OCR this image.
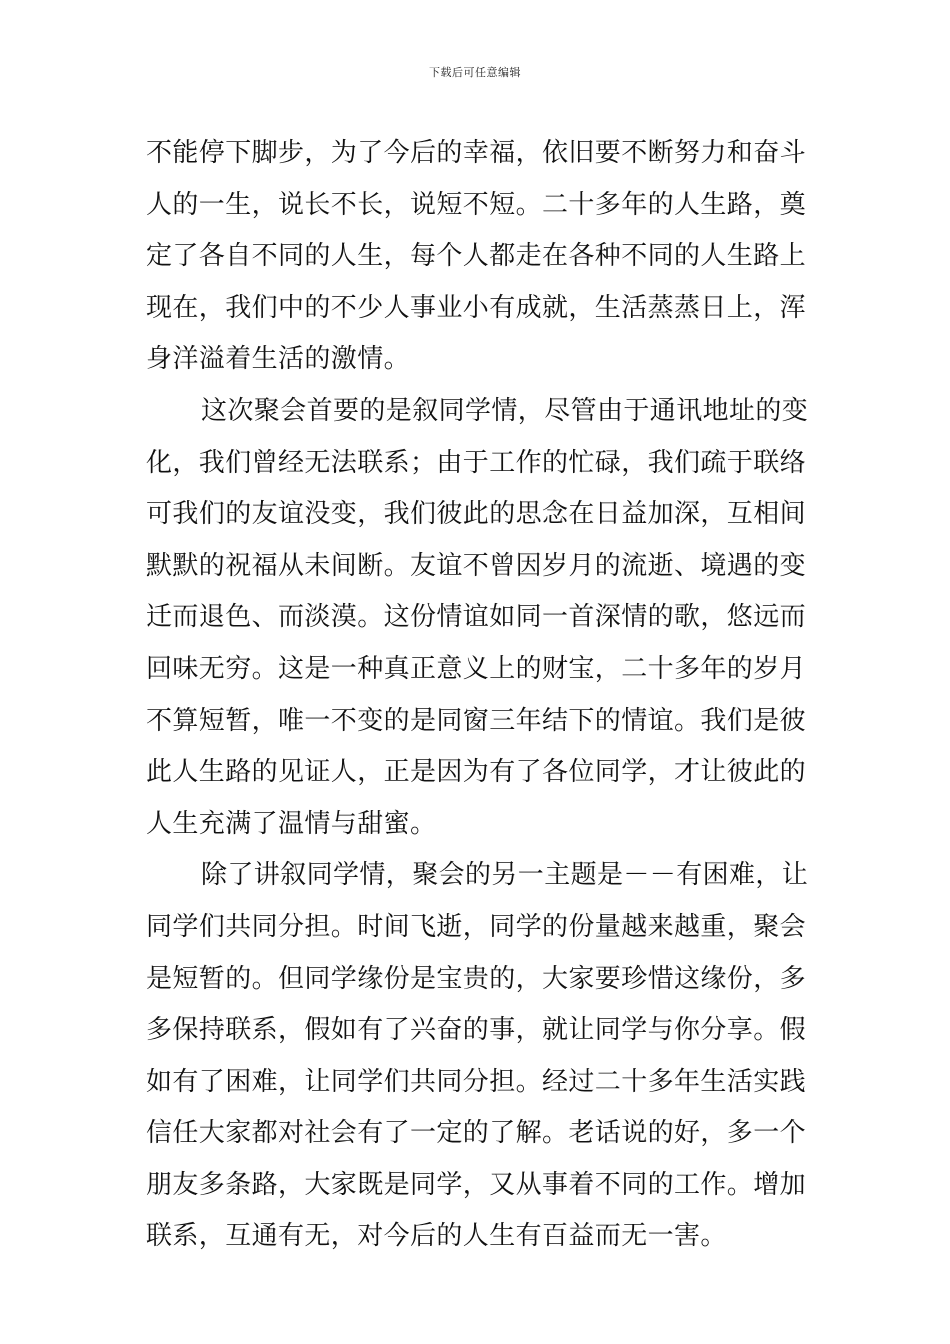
下载后可任意编辑
不能停下脚步，为了今后的幸福，依旧要不断努力和奋斗
人的一生，说长不长，说短不短。二十多年的人生路，奠
定了各自不同的人生，每个人都走在各种不同的人生路上
现在，我们中的不少人事业小有成就，生活蒸蒸日上，浑
身洋溢着生活的激情。
这次聚会首要的是叙同学情，尽管由于通讯地址的变
化，我们曾经无法联系；由于工作的忙碌，我们疏于联络
可我们的友谊没变，我们彼此的思念在日益加深，互相间
默默的祝福从未间断。友谊不曾因岁月的流逝、境遇的变
迁而退色、而淡漠。这份情谊如同一首深情的歌，悠远而
回味无穷。这是一种真正意义上的财宝，二十多年的岁月
不算短暂，唯一不变的是同窗三年结下的情谊。我们是彼
此人生路的见证人，正是因为有了各位同学，才让彼此的
人生充满了温情与甜蜜。
除了讲叙同学情，聚会的另一主题是－－有困难，让
同学们共同分担。时间飞逝，同学的份量越来越重，聚会
是短暂的。但同学缘份是宝贵的，大家要珍惜这缘份，多
多保持联系，假如有了兴奋的事，就让同学与你分享。假
如有了困难，让同学们共同分担。经过二十多年生活实践
信任大家都对社会有了一定的了解。老话说的好，多一个
朋友多条路，大家既是同学，又从事着不同的工作。增加
联系，互通有无，对今后的人生有百益而无一害。
